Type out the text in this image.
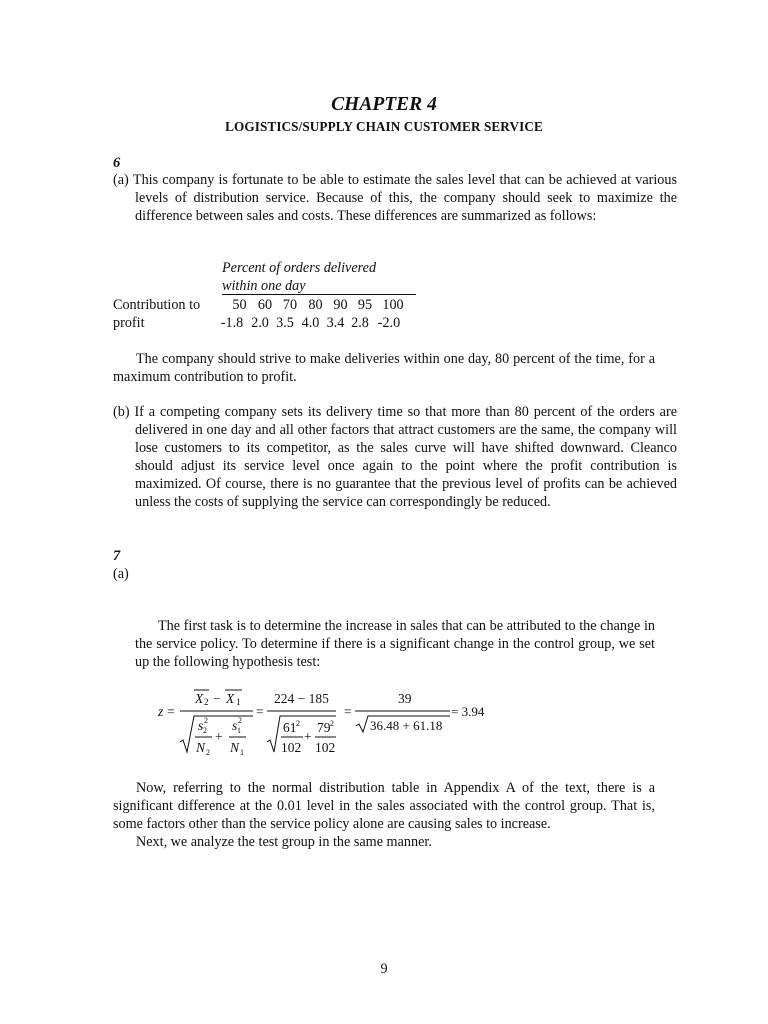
CHAPTER 4
LOGISTICS/SUPPLY CHAIN CUSTOMER SERVICE
6

(a) This company is fortunate to be able to estimate the sales level that can be achieved at various levels of distribution service. Because of this, the company should seek to maximize the difference between sales and costs. These differences are summarized as follows:

Percent of orders delivered
within one day
Contribution to
profit
50 60 70 80 90 95 100
-1.8 2.0 3.5 4.0 3.4 2.8 -2.0
The company should strive to make deliveries within one day, 80 percent of the time, for a maximum contribution to profit.

(b) If a competing company sets its delivery time so that more than 80 percent of the orders are delivered in one day and all other factors that attract customers are the same, the company will lose customers to its competitor, as the sales curve will have shifted downward. Cleanco should adjust its service level once again to the point where the profit contribution is maximized. Of course, there is no guarantee that the previous level of profits can be achieved unless the costs of supplying the service can correspondingly be reduced.

7
(a)
The first task is to determine the increase in sales that can be attributed to the change in the service policy. To determine if there is a significant change in the control group, we set up the following hypothesis test:
z =
X 2 − X 1
s 2
2
N 2
+
s 1
2
N 1
=
224 − 185
61 2
102
+
79 2
102
=
39
36.48 + 61.18
= 3.94
Now, referring to the normal distribution table in Appendix A of the text, there is a significant difference at the 0.01 level in the sales associated with the control group. That is, some factors other than the service policy alone are causing sales to increase.
Next, we analyze the test group in the same manner.
9
